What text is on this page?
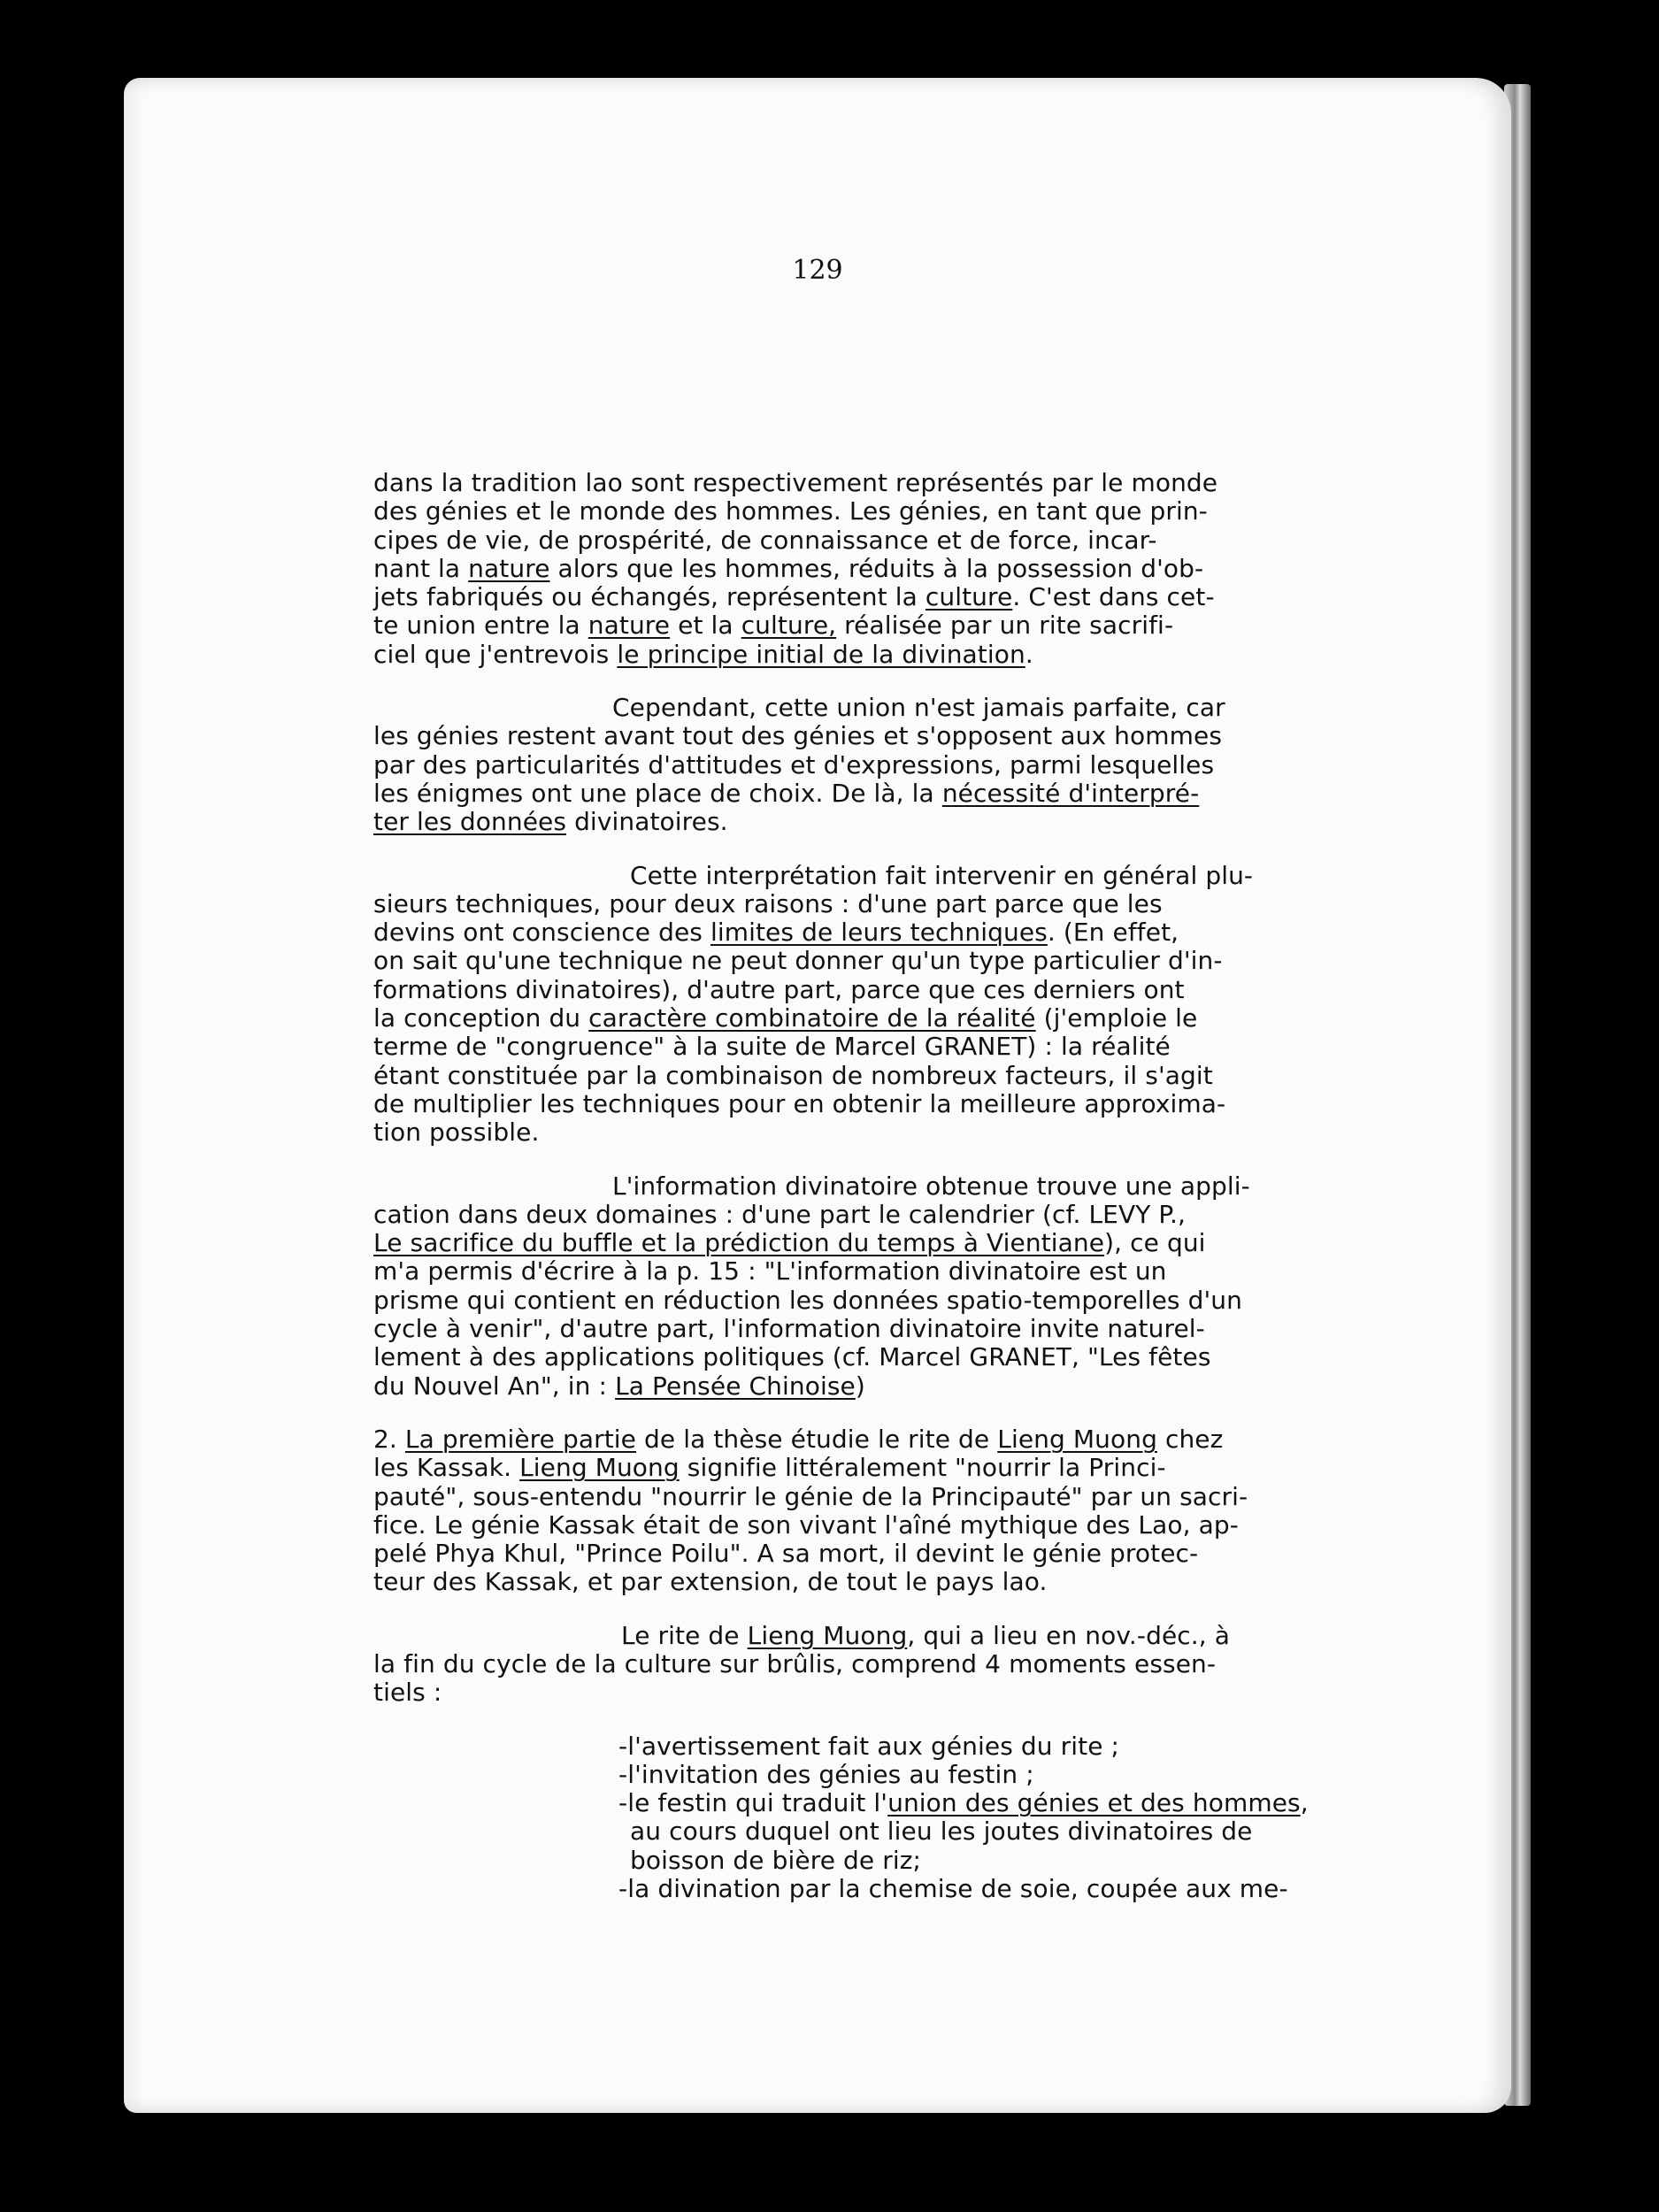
129
dans la tradition lao sont respectivement représentés par le monde
des génies et le monde des hommes. Les génies, en tant que prin-
cipes de vie, de prospérité, de connaissance et de force, incar-
nant la nature alors que les hommes, réduits à la possession d'ob-
jets fabriqués ou échangés, représentent la culture. C'est dans cet-
te union entre la nature et la culture, réalisée par un rite sacrifi-
ciel que j'entrevois le principe initial de la divination.
Cependant, cette union n'est jamais parfaite, car
les génies restent avant tout des génies et s'opposent aux hommes
par des particularités d'attitudes et d'expressions, parmi lesquelles
les énigmes ont une place de choix. De là, la nécessité d'interpré-
ter les données divinatoires.
Cette interprétation fait intervenir en général plu-
sieurs techniques, pour deux raisons : d'une part parce que les
devins ont conscience des limites de leurs techniques. (En effet,
on sait qu'une technique ne peut donner qu'un type particulier d'in-
formations divinatoires), d'autre part, parce que ces derniers ont
la conception du caractère combinatoire de la réalité (j'emploie le
terme de "congruence" à la suite de Marcel GRANET) : la réalité
étant constituée par la combinaison de nombreux facteurs, il s'agit
de multiplier les techniques pour en obtenir la meilleure approxima-
tion possible.
L'information divinatoire obtenue trouve une appli-
cation dans deux domaines : d'une part le calendrier (cf. LEVY P.,
Le sacrifice du buffle et la prédiction du temps à Vientiane), ce qui
m'a permis d'écrire à la p. 15 : "L'information divinatoire est un
prisme qui contient en réduction les données spatio-temporelles d'un
cycle à venir", d'autre part, l'information divinatoire invite naturel-
lement à des applications politiques (cf. Marcel GRANET, "Les fêtes
du Nouvel An", in : La Pensée Chinoise)
2. La première partie de la thèse étudie le rite de Lieng Muong chez
les Kassak. Lieng Muong signifie littéralement "nourrir la Princi-
pauté", sous-entendu "nourrir le génie de la Principauté" par un sacri-
fice. Le génie Kassak était de son vivant l'aîné mythique des Lao, ap-
pelé Phya Khul, "Prince Poilu". A sa mort, il devint le génie protec-
teur des Kassak, et par extension, de tout le pays lao.
Le rite de Lieng Muong, qui a lieu en nov.-déc., à
la fin du cycle de la culture sur brûlis, comprend 4 moments essen-
tiels :
-l'avertissement fait aux génies du rite ;
-l'invitation des génies au festin ;
-le festin qui traduit l'union des génies et des hommes,
au cours duquel ont lieu les joutes divinatoires de
boisson de bière de riz;
-la divination par la chemise de soie, coupée aux me-
